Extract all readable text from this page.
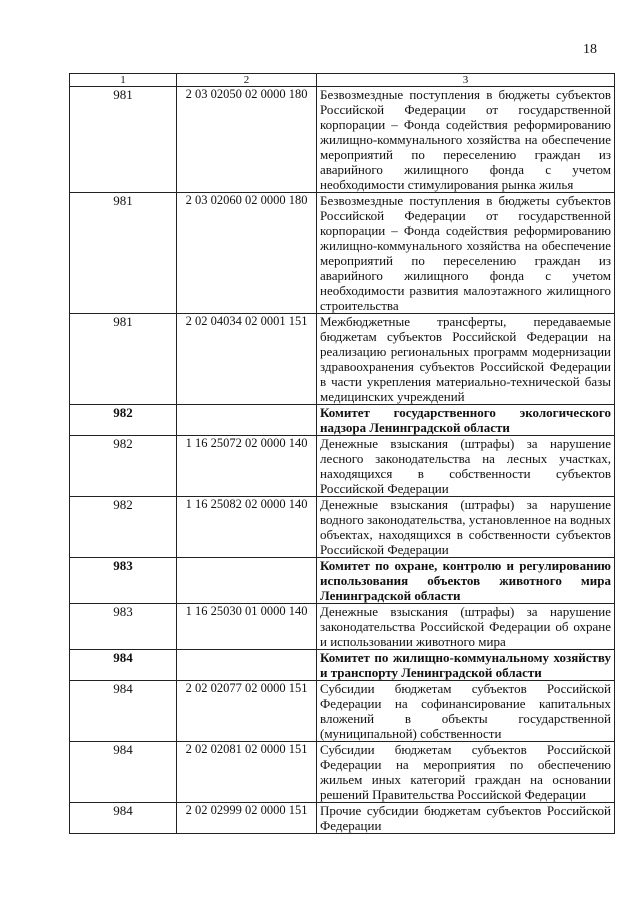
18
1	2	3
981	2 03 02050 02 0000 180	Безвозмездные поступления в бюджеты субъектов Российской Федерации от государственной корпорации – Фонда содействия реформированию жилищно-коммунального хозяйства на обеспечение мероприятий по переселению граждан из аварийного жилищного фонда с учетом необходимости стимулирования рынка жилья
981	2 03 02060 02 0000 180	Безвозмездные поступления в бюджеты субъектов Российской Федерации от государственной корпорации – Фонда содействия реформированию жилищно-коммунального хозяйства на обеспечение мероприятий по переселению граждан из аварийного жилищного фонда с учетом необходимости развития малоэтажного жилищного строительства
981	2 02 04034 02 0001 151	Межбюджетные трансферты, передаваемые бюджетам субъектов Российской Федерации на реализацию региональных программ модернизации здравоохранения субъектов Российской Федерации в части укрепления материально-технической базы медицинских учреждений
982		Комитет государственного экологического надзора Ленинградской области
982	1 16 25072 02 0000 140	Денежные взыскания (штрафы) за нарушение лесного законодательства на лесных участках, находящихся в собственности субъектов Российской Федерации
982	1 16 25082 02 0000 140	Денежные взыскания (штрафы) за нарушение водного законодательства, установленное на водных объектах, находящихся в собственности субъектов Российской Федерации
983		Комитет по охране, контролю и регулированию использования объектов животного мира Ленинградской области
983	1 16 25030 01 0000 140	Денежные взыскания (штрафы) за нарушение законодательства Российской Федерации об охране и использовании животного мира
984		Комитет по жилищно-коммунальному хозяйству и транспорту Ленинградской области
984	2 02 02077 02 0000 151	Субсидии бюджетам субъектов Российской Федерации на софинансирование капитальных вложений в объекты государственной (муниципальной) собственности
984	2 02 02081 02 0000 151	Субсидии бюджетам субъектов Российской Федерации на мероприятия по обеспечению жильем иных категорий граждан на основании решений Правительства Российской Федерации
984	2 02 02999 02 0000 151	Прочие субсидии бюджетам субъектов Российской Федерации
